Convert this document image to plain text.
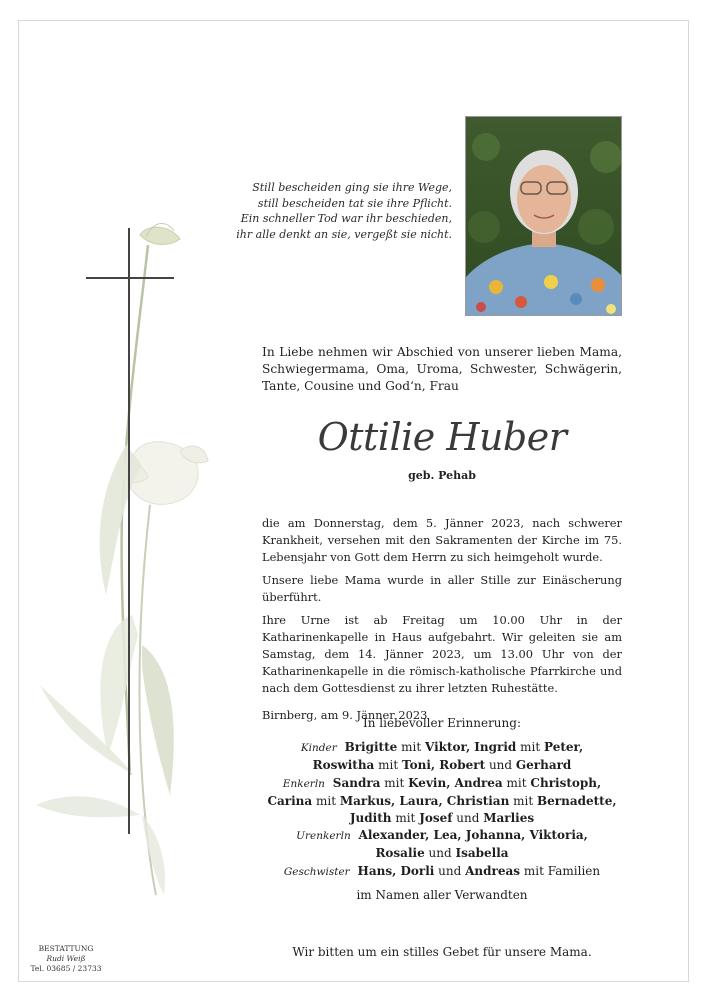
Still bescheiden ging sie ihre Wege,
still bescheiden tat sie ihre Pflicht.
Ein schneller Tod war ihr beschieden,
ihr alle denkt an sie, vergeßt sie nicht.
In Liebe nehmen wir Abschied von unserer lieben Mama, Schwiegermama, Oma, Uroma, Schwester, Schwägerin, Tante, Cousine und God‘n, Frau
Ottilie Huber
geb. Pehab

die am Donnerstag, dem 5. Jänner 2023, nach schwerer Krankheit, versehen mit den Sakramenten der Kirche im 75. Lebensjahr von Gott dem Herrn zu sich heimgeholt wurde.

Unsere liebe Mama wurde in aller Stille zur Einäscherung überführt.

Ihre Urne ist ab Freitag um 10.00 Uhr in der Katharinenkapelle in Haus aufgebahrt. Wir geleiten sie am Samstag, dem 14. Jänner 2023, um 13.00 Uhr von der Katharinenkapelle in die römisch-katholische Pfarrkirche und nach dem Gottesdienst zu ihrer letzten Ruhestätte.

Birnberg, am 9. Jänner 2023

In liebevoller Erinnerung:
Kinder Brigitte mit Viktor, Ingrid mit Peter,
Roswitha mit Toni, Robert und Gerhard
Enkerln Sandra mit Kevin, Andrea mit Christoph,
Carina mit Markus, Laura, Christian mit Bernadette,
Judith mit Josef und Marlies
Urenkerln Alexander, Lea, Johanna, Viktoria,
Rosalie und Isabella
Geschwister Hans, Dorli und Andreas mit Familien
im Namen aller Verwandten
Wir bitten um ein stilles Gebet für unsere Mama.
BESTATTUNG
Rudi Weiß
Tel. 03685 / 23733
